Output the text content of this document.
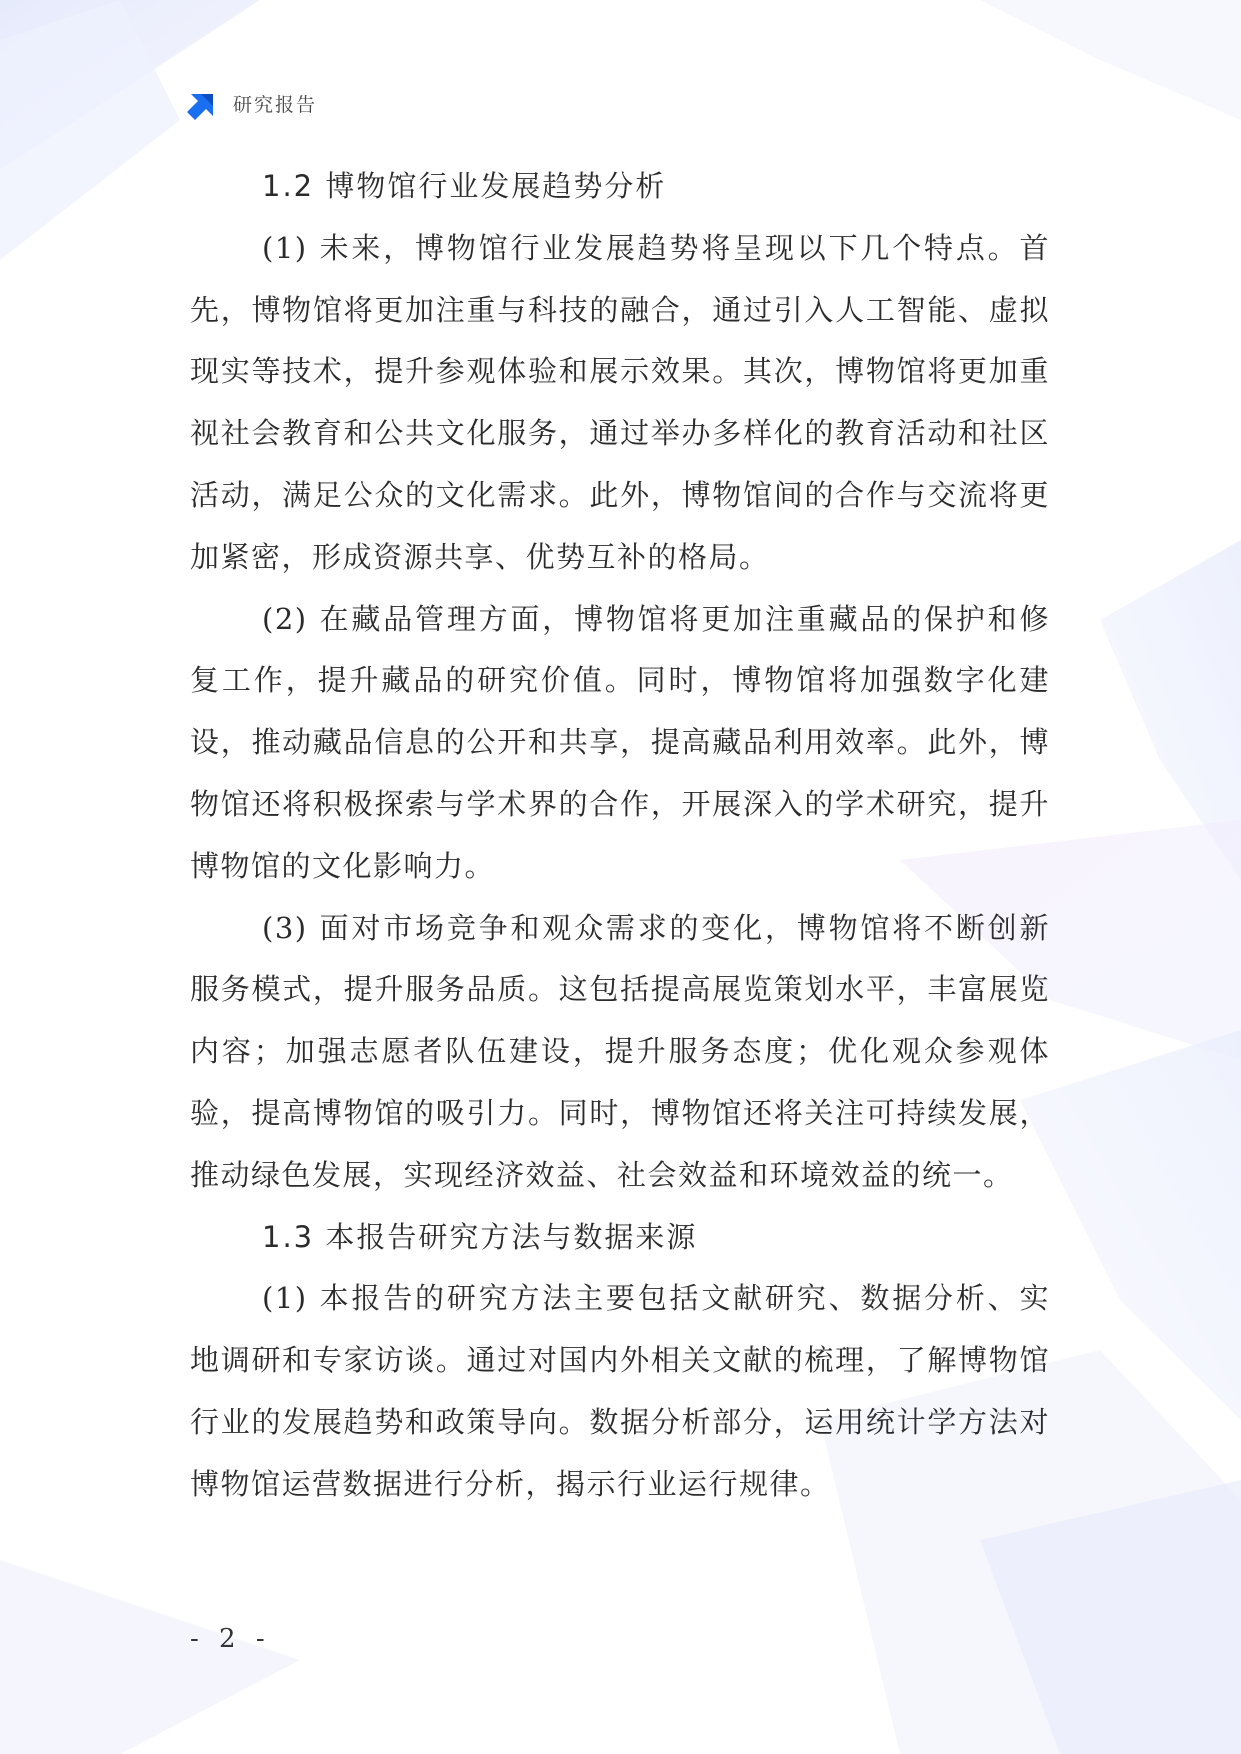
研究报告

1.2 博物馆行业发展趋势分析

(1) 未来，博物馆行业发展趋势将呈现以下几个特点。首先，博物馆将更加注重与科技的融合，通过引入人工智能、虚拟现实等技术，提升参观体验和展示效果。其次，博物馆将更加重视社会教育和公共文化服务，通过举办多样化的教育活动和社区活动，满足公众的文化需求。此外，博物馆间的合作与交流将更加紧密，形成资源共享、优势互补的格局。

(2) 在藏品管理方面，博物馆将更加注重藏品的保护和修复工作，提升藏品的研究价值。同时，博物馆将加强数字化建设，推动藏品信息的公开和共享，提高藏品利用效率。此外，博物馆还将积极探索与学术界的合作，开展深入的学术研究，提升博物馆的文化影响力。

(3) 面对市场竞争和观众需求的变化，博物馆将不断创新服务模式，提升服务品质。这包括提高展览策划水平，丰富展览内容；加强志愿者队伍建设，提升服务态度；优化观众参观体验，提高博物馆的吸引力。同时，博物馆还将关注可持续发展，推动绿色发展，实现经济效益、社会效益和环境效益的统一。

1.3 本报告研究方法与数据来源

(1) 本报告的研究方法主要包括文献研究、数据分析、实地调研和专家访谈。通过对国内外相关文献的梳理，了解博物馆行业的发展趋势和政策导向。数据分析部分，运用统计学方法对博物馆运营数据进行分析，揭示行业运行规律。

- 2 -
